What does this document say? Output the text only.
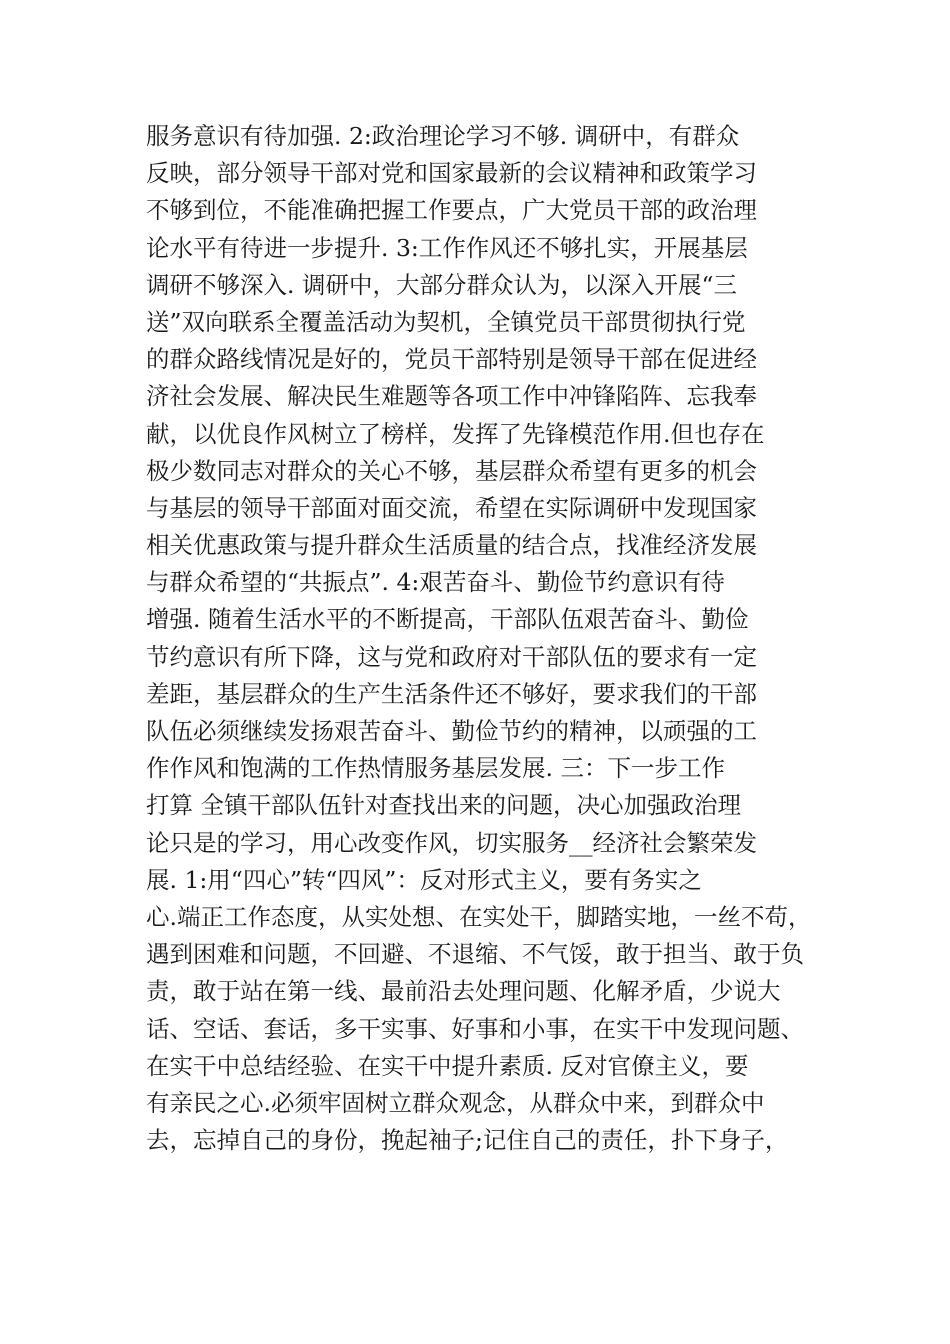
服务意识有待加强. 2:政治理论学习不够. 调研中，有群众
反映，部分领导干部对党和国家最新的会议精神和政策学习
不够到位，不能准确把握工作要点，广大党员干部的政治理
论水平有待进一步提升. 3:工作作风还不够扎实，开展基层
调研不够深入. 调研中，大部分群众认为，以深入开展“三
送”双向联系全覆盖活动为契机，全镇党员干部贯彻执行党
的群众路线情况是好的，党员干部特别是领导干部在促进经
济社会发展、解决民生难题等各项工作中冲锋陷阵、忘我奉
献，以优良作风树立了榜样，发挥了先锋模范作用.但也存在
极少数同志对群众的关心不够，基层群众希望有更多的机会
与基层的领导干部面对面交流，希望在实际调研中发现国家
相关优惠政策与提升群众生活质量的结合点，找准经济发展
与群众希望的“共振点”. 4:艰苦奋斗、勤俭节约意识有待
增强. 随着生活水平的不断提高，干部队伍艰苦奋斗、勤俭
节约意识有所下降，这与党和政府对干部队伍的要求有一定
差距，基层群众的生产生活条件还不够好，要求我们的干部
队伍必须继续发扬艰苦奋斗、勤俭节约的精神，以顽强的工
作作风和饱满的工作热情服务基层发展. 三：下一步工作
打算 全镇干部队伍针对查找出来的问题，决心加强政治理
论只是的学习，用心改变作风，切实服务__经济社会繁荣发
展. 1:用“四心”转“四风”：反对形式主义，要有务实之
心.端正工作态度，从实处想、在实处干，脚踏实地，一丝不苟，
遇到困难和问题，不回避、不退缩、不气馁，敢于担当、敢于负
责，敢于站在第一线、最前沿去处理问题、化解矛盾，少说大
话、空话、套话，多干实事、好事和小事，在实干中发现问题、
在实干中总结经验、在实干中提升素质. 反对官僚主义，要
有亲民之心.必须牢固树立群众观念，从群众中来，到群众中
去，忘掉自己的身份，挽起袖子;记住自己的责任，扑下身子，
